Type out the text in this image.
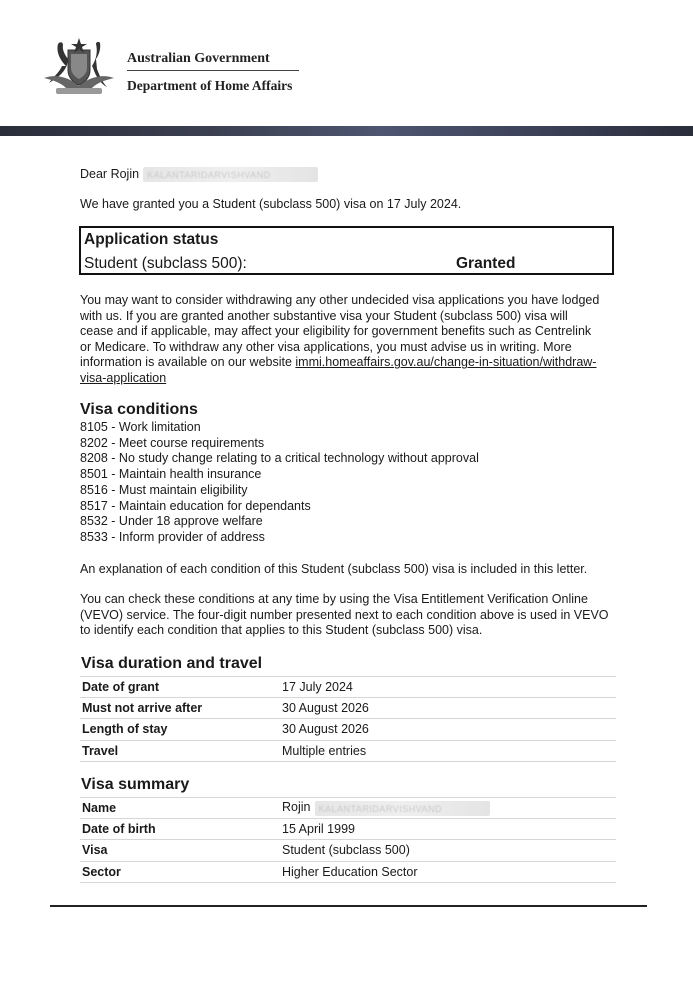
Australian Government
Department of Home Affairs
Dear Rojin KALANTARIDARVISHVAND
We have granted you a Student (subclass 500) visa on 17 July 2024.
Application status
Student (subclass 500):	Granted
You may want to consider withdrawing any other undecided visa applications you have lodged with us. If you are granted another substantive visa your Student (subclass 500) visa will cease and if applicable, may affect your eligibility for government benefits such as Centrelink or Medicare. To withdraw any other visa applications, you must advise us in writing. More information is available on our website immi.homeaffairs.gov.au/change-in-situation/withdraw-visa-application
Visa conditions
8105 - Work limitation
8202 - Meet course requirements
8208 - No study change relating to a critical technology without approval
8501 - Maintain health insurance
8516 - Must maintain eligibility
8517 - Maintain education for dependants
8532 - Under 18 approve welfare
8533 - Inform provider of address
An explanation of each condition of this Student (subclass 500) visa is included in this letter.
You can check these conditions at any time by using the Visa Entitlement Verification Online (VEVO) service. The four-digit number presented next to each condition above is used in VEVO to identify each condition that applies to this Student (subclass 500) visa.
Visa duration and travel
Date of grant	17 July 2024
Must not arrive after	30 August 2026
Length of stay	30 August 2026
Travel	Multiple entries
Visa summary
Name	Rojin KALANTARIDARVISHVAND
Date of birth	15 April 1999
Visa	Student (subclass 500)
Sector	Higher Education Sector
